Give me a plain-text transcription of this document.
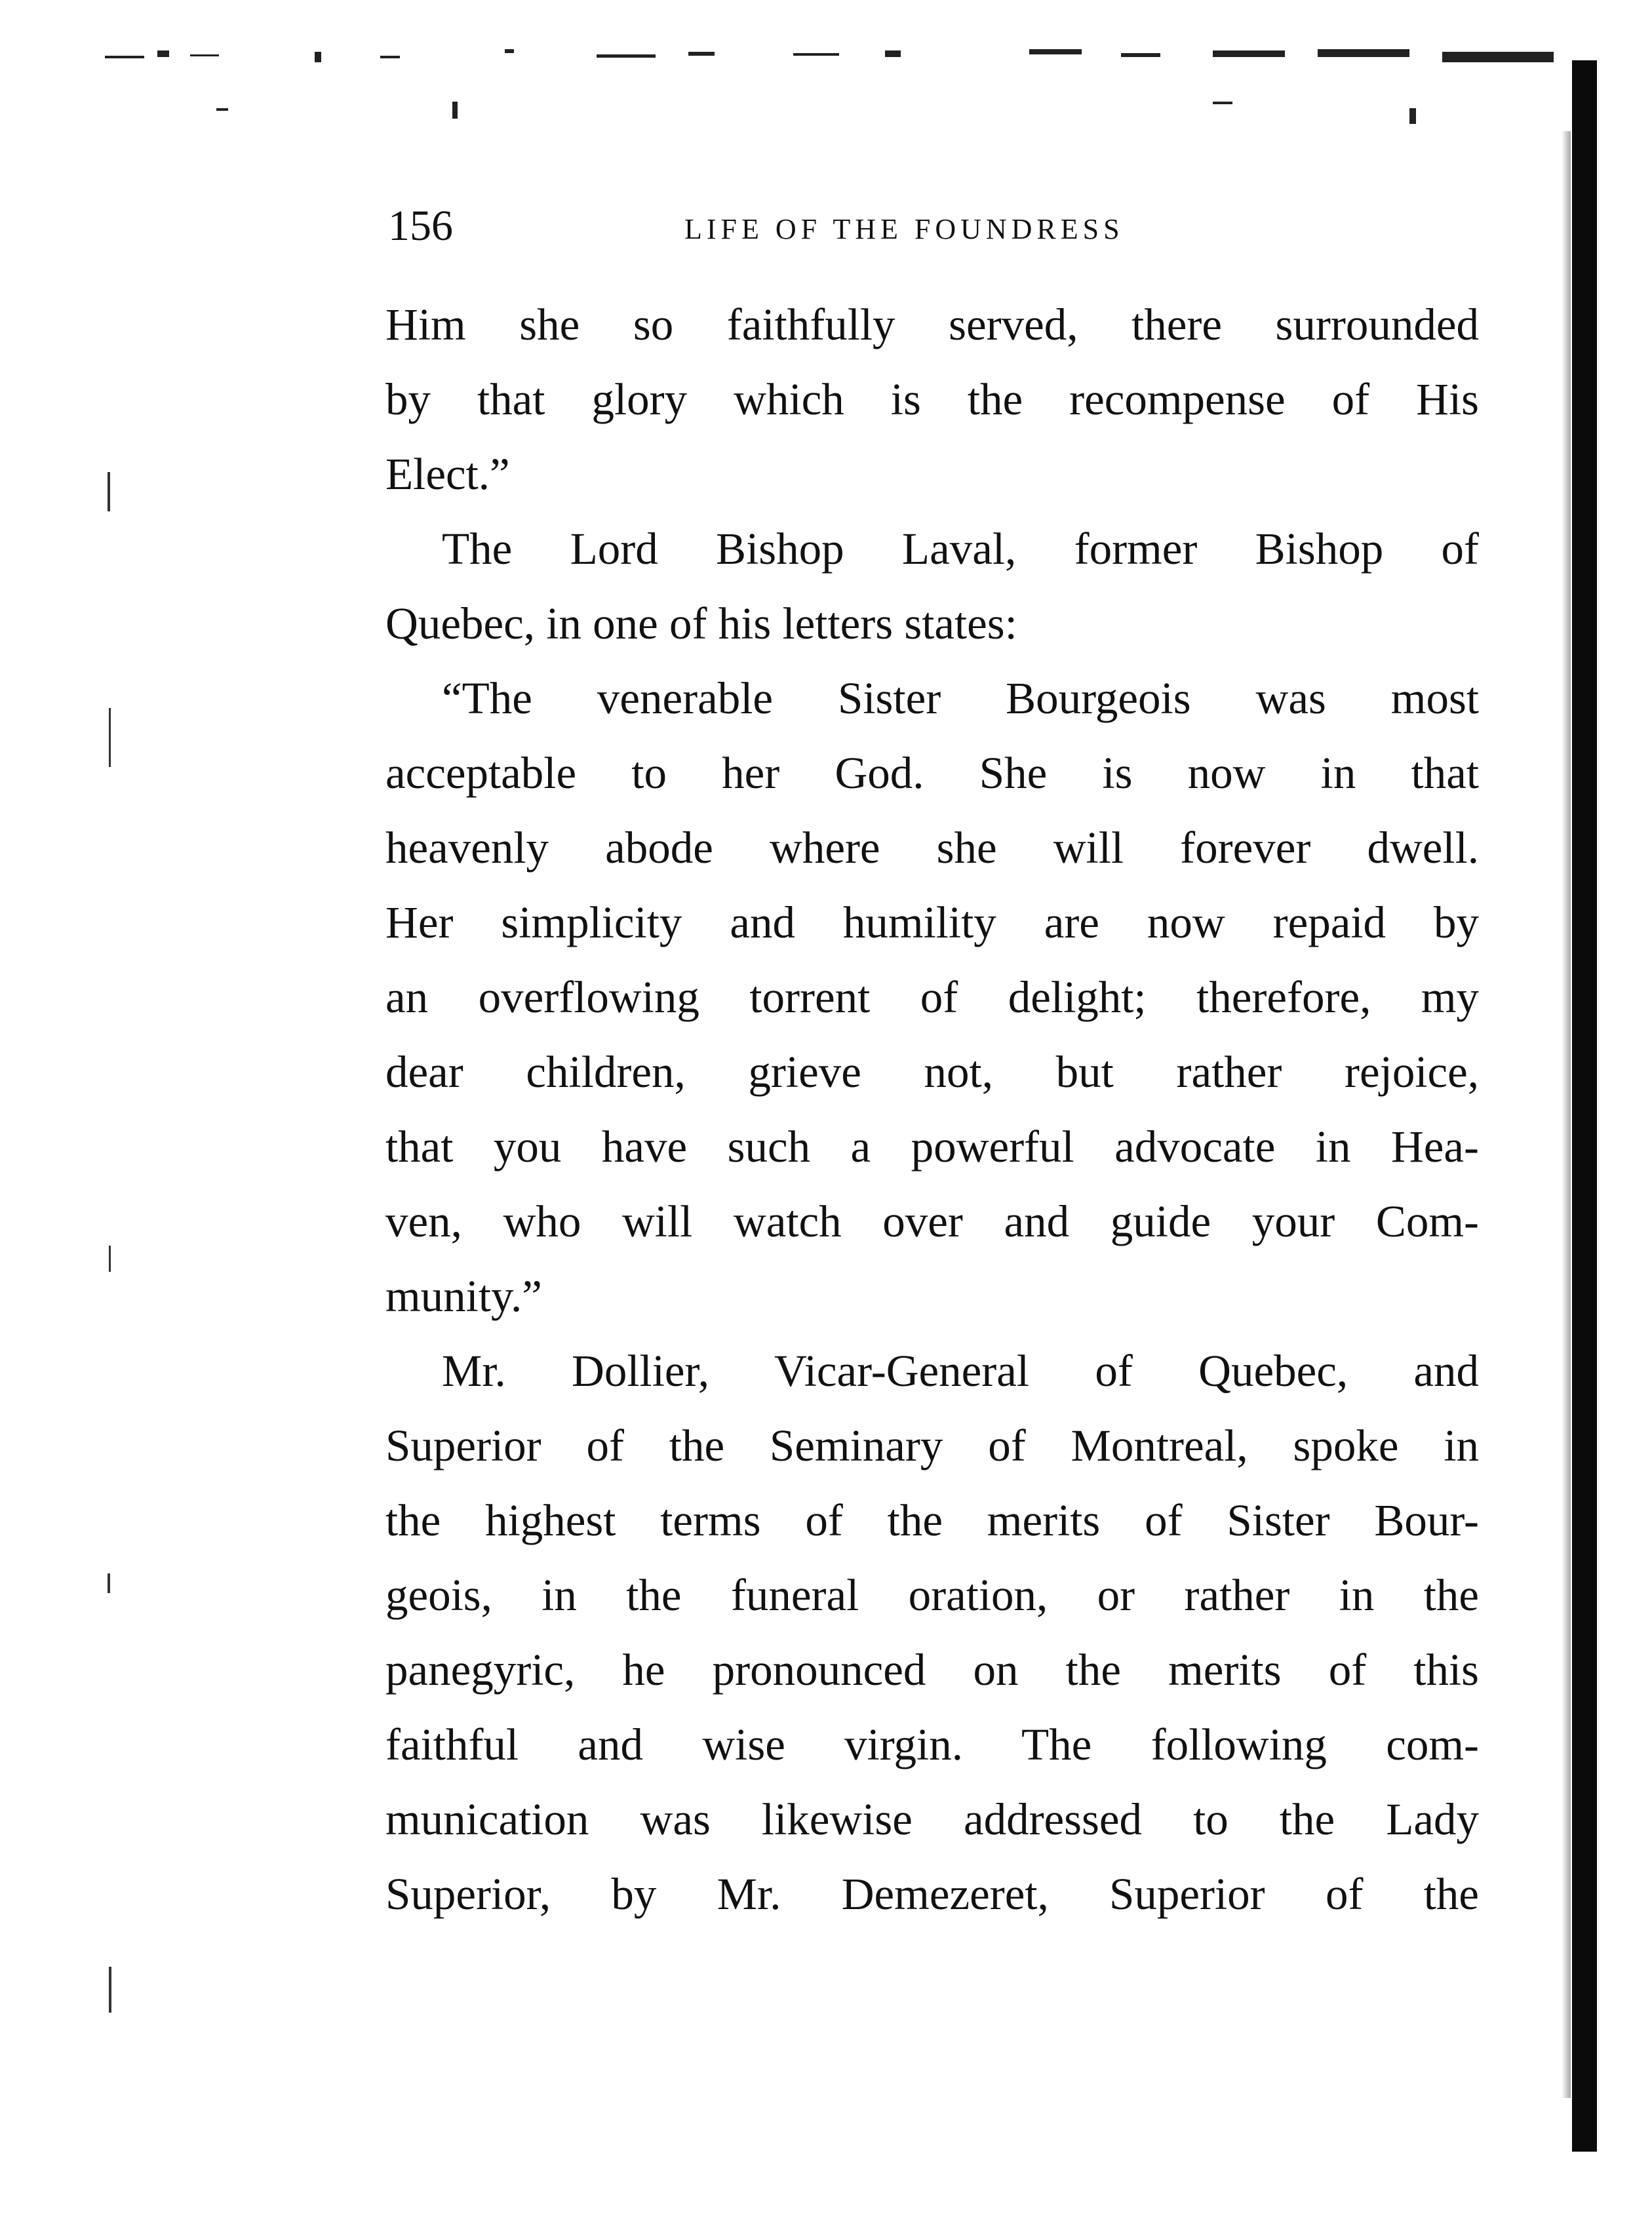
156	LIFE OF THE FOUNDRESS
Him she so faithfully served, there surrounded
by that glory which is the recompense of His
Elect.”
The Lord Bishop Laval, former Bishop of
Quebec, in one of his letters states:
“The venerable Sister Bourgeois was most
acceptable to her God. She is now in that
heavenly abode where she will forever dwell.
Her simplicity and humility are now repaid by
an overflowing torrent of delight; therefore, my
dear children, grieve not, but rather rejoice,
that you have such a powerful advocate in Hea-
ven, who will watch over and guide your Com-
munity.”
Mr. Dollier, Vicar-General of Quebec, and
Superior of the Seminary of Montreal, spoke in
the highest terms of the merits of Sister Bour-
geois, in the funeral oration, or rather in the
panegyric, he pronounced on the merits of this
faithful and wise virgin. The following com-
munication was likewise addressed to the Lady
Superior, by Mr. Demezeret, Superior of the
